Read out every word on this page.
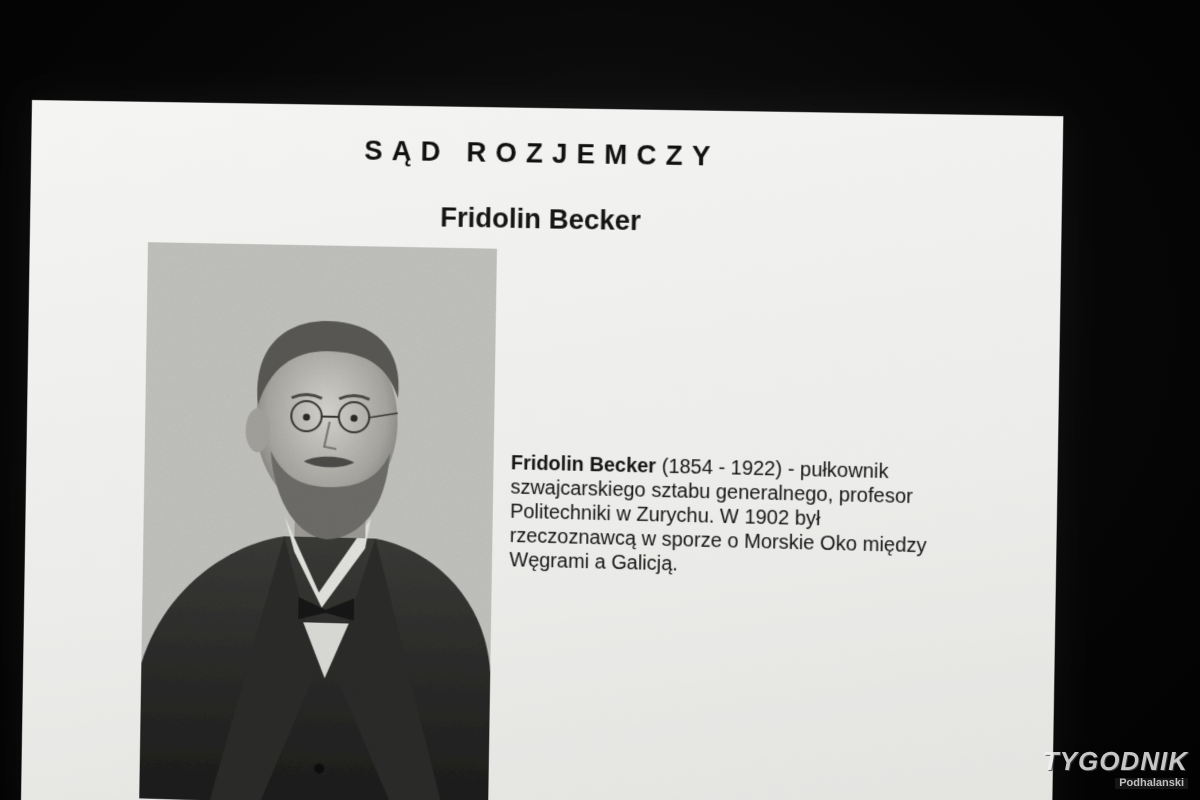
SĄD ROZJEMCZY
Fridolin Becker
Fridolin Becker (1854 - 1922) - pułkownik szwajcarskiego sztabu generalnego, profesor Politechniki w Zurychu. W 1902 był rzeczoznawcą w sporze o Morskie Oko między Węgrami a Galicją.
TYGODNIK
Podhalanski
